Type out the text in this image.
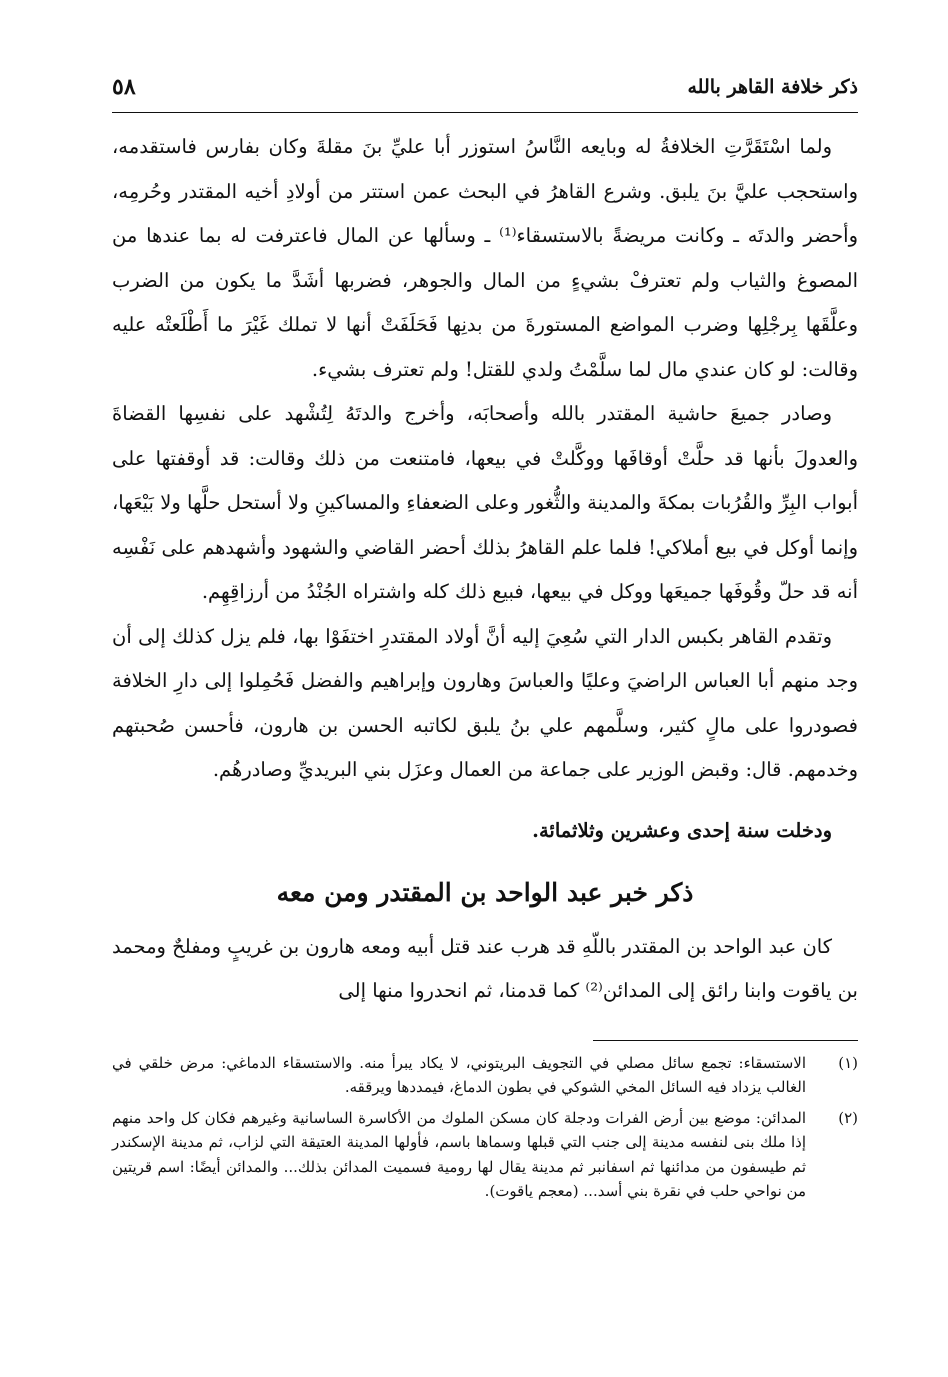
ذكر خلافة القاهر بالله
٥٨

ولما اسْتَقَرَّتِ الخلافةُ له وبايعه النَّاسُ استوزر أبا عليِّ بنَ مقلةَ وكان بفارس فاستقدمه، واستحجب عليَّ بنَ يلبق. وشرع القاهرُ في البحث عمن استتر من أولادِ أخيه المقتدر وحُرمِه، وأحضر والدتَه ـ وكانت مريضةً بالاستسقاء⁽¹⁾ ـ وسألها عن المال فاعترفت له بما عندها من المصوغ والثياب ولم تعترفْ بشيءٍ من المال والجوهر، فضربها أشَدَّ ما يكون من الضرب وعلَّقَها بِرجْلِها وضرب المواضع المستورةَ من بدنِها فَحَلَفَتْ أنها لا تملك غَيْرَ ما أَطْلَعتْه عليه وقالت: لو كان عندي مال لما سلَّمْتُ ولدي للقتل! ولم تعترف بشيء.

وصادر جميعَ حاشية المقتدر بالله وأصحابَه، وأخرج والدتَهُ لِتُشْهد على نفسِها القضاةَ والعدولَ بأنها قد حلَّتْ أوقافَها ووكَّلتْ في بيعها، فامتنعت من ذلك وقالت: قد أوقفتها على أبواب البِرِّ والقُرُبات بمكةَ والمدينة والثُّغور وعلى الضعفاءِ والمساكينِ ولا أستحل حلَّها ولا بَيْعَها، وإنما أوكل في بيع أملاكي! فلما علم القاهرُ بذلك أحضر القاضي والشهود وأشهدهم على نَفْسِه أنه قد حلّ وقُوفَها جميعَها ووكل في بيعها، فبيع ذلك كله واشتراه الجُنْدُ من أرزاقِهِم.

وتقدم القاهر بكبس الدار التي سُعِيَ إليه أنَّ أولاد المقتدرِ اختفَوْا بها، فلم يزل كذلك إلى أن وجد منهم أبا العباس الراضيَ وعليًا والعباسَ وهارون وإبراهيم والفضل فَحُمِلوا إلى دارِ الخلافة فصودروا على مالٍ كثير، وسلَّمهم علي بنُ يلبق لكاتبه الحسن بن هارون، فأحسن صُحبتهم وخدمهم. قال: وقبض الوزير على جماعة من العمال وعزَل بني البريديِّ وصادرهُم.

ودخلت سنة إحدى وعشرين وثلاثمائة.

ذكر خبر عبد الواحد بن المقتدر ومن معه

كان عبد الواحد بن المقتدر باللّهِ قد هرب عند قتل أبيه ومعه هارون بن غريبٍ ومفلحٌ ومحمد بن ياقوت وابنا رائق إلى المدائن⁽²⁾ كما قدمنا، ثم انحدروا منها إلى

(١)
الاستسقاء: تجمع سائل مصلي في التجويف البريتوني، لا يكاد يبرأ منه. والاستسقاء الدماغي: مرض خلقي في الغالب يزداد فيه السائل المخي الشوكي في بطون الدماغ، فيمددها ويرققه.
(٢)
المدائن: موضع بين أرض الفرات ودجلة كان مسكن الملوك من الأكاسرة الساسانية وغيرهم فكان كل واحد منهم إذا ملك بنى لنفسه مدينة إلى جنب التي قبلها وسماها باسم، فأولها المدينة العتيقة التي لزاب، ثم مدينة الإسكندر ثم طيسفون من مدائنها ثم اسفانبر ثم مدينة يقال لها رومية فسميت المدائن بذلك... والمدائن أيضًا: اسم قريتين من نواحي حلب في نقرة بني أسد... (معجم ياقوت).
